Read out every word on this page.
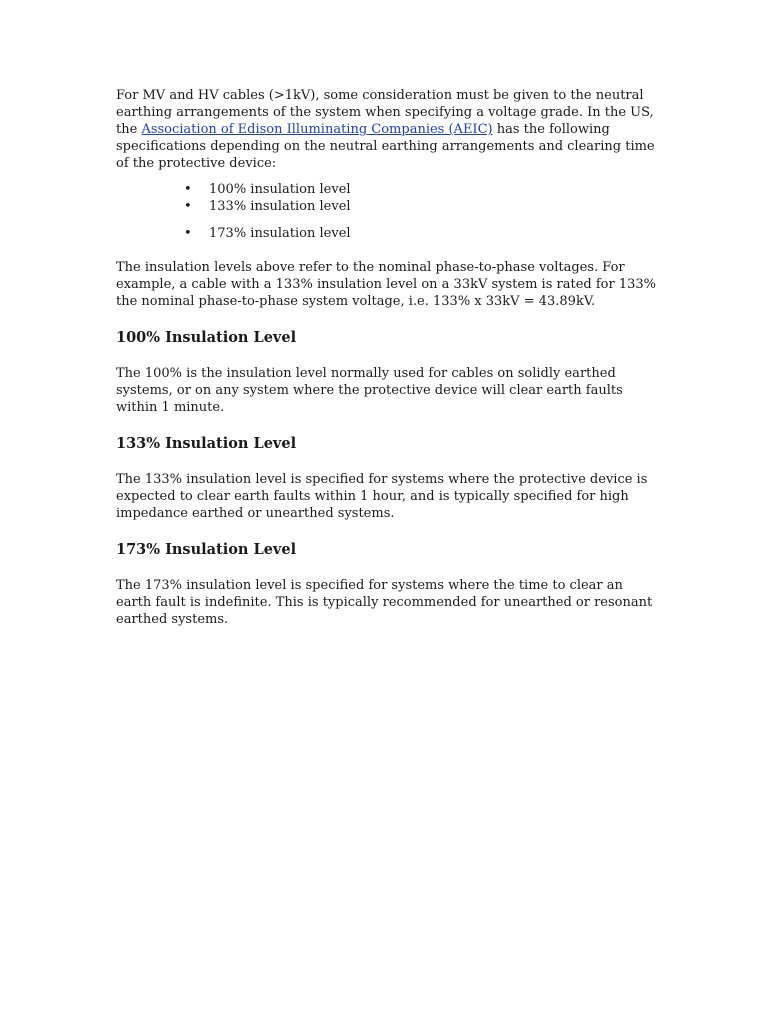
For MV and HV cables (>1kV), some consideration must be given to the neutral earthing arrangements of the system when specifying a voltage grade. In the US, the Association of Edison Illuminating Companies (AEIC) has the following specifications depending on the neutral earthing arrangements and clearing time of the protective device:

• 100% insulation level
• 133% insulation level
• 173% insulation level

The insulation levels above refer to the nominal phase-to-phase voltages. For example, a cable with a 133% insulation level on a 33kV system is rated for 133% the nominal phase-to-phase system voltage, i.e. 133% x 33kV = 43.89kV.

100% Insulation Level

The 100% is the insulation level normally used for cables on solidly earthed systems, or on any system where the protective device will clear earth faults within 1 minute.

133% Insulation Level

The 133% insulation level is specified for systems where the protective device is expected to clear earth faults within 1 hour, and is typically specified for high impedance earthed or unearthed systems.

173% Insulation Level

The 173% insulation level is specified for systems where the time to clear an earth fault is indefinite. This is typically recommended for unearthed or resonant earthed systems.
